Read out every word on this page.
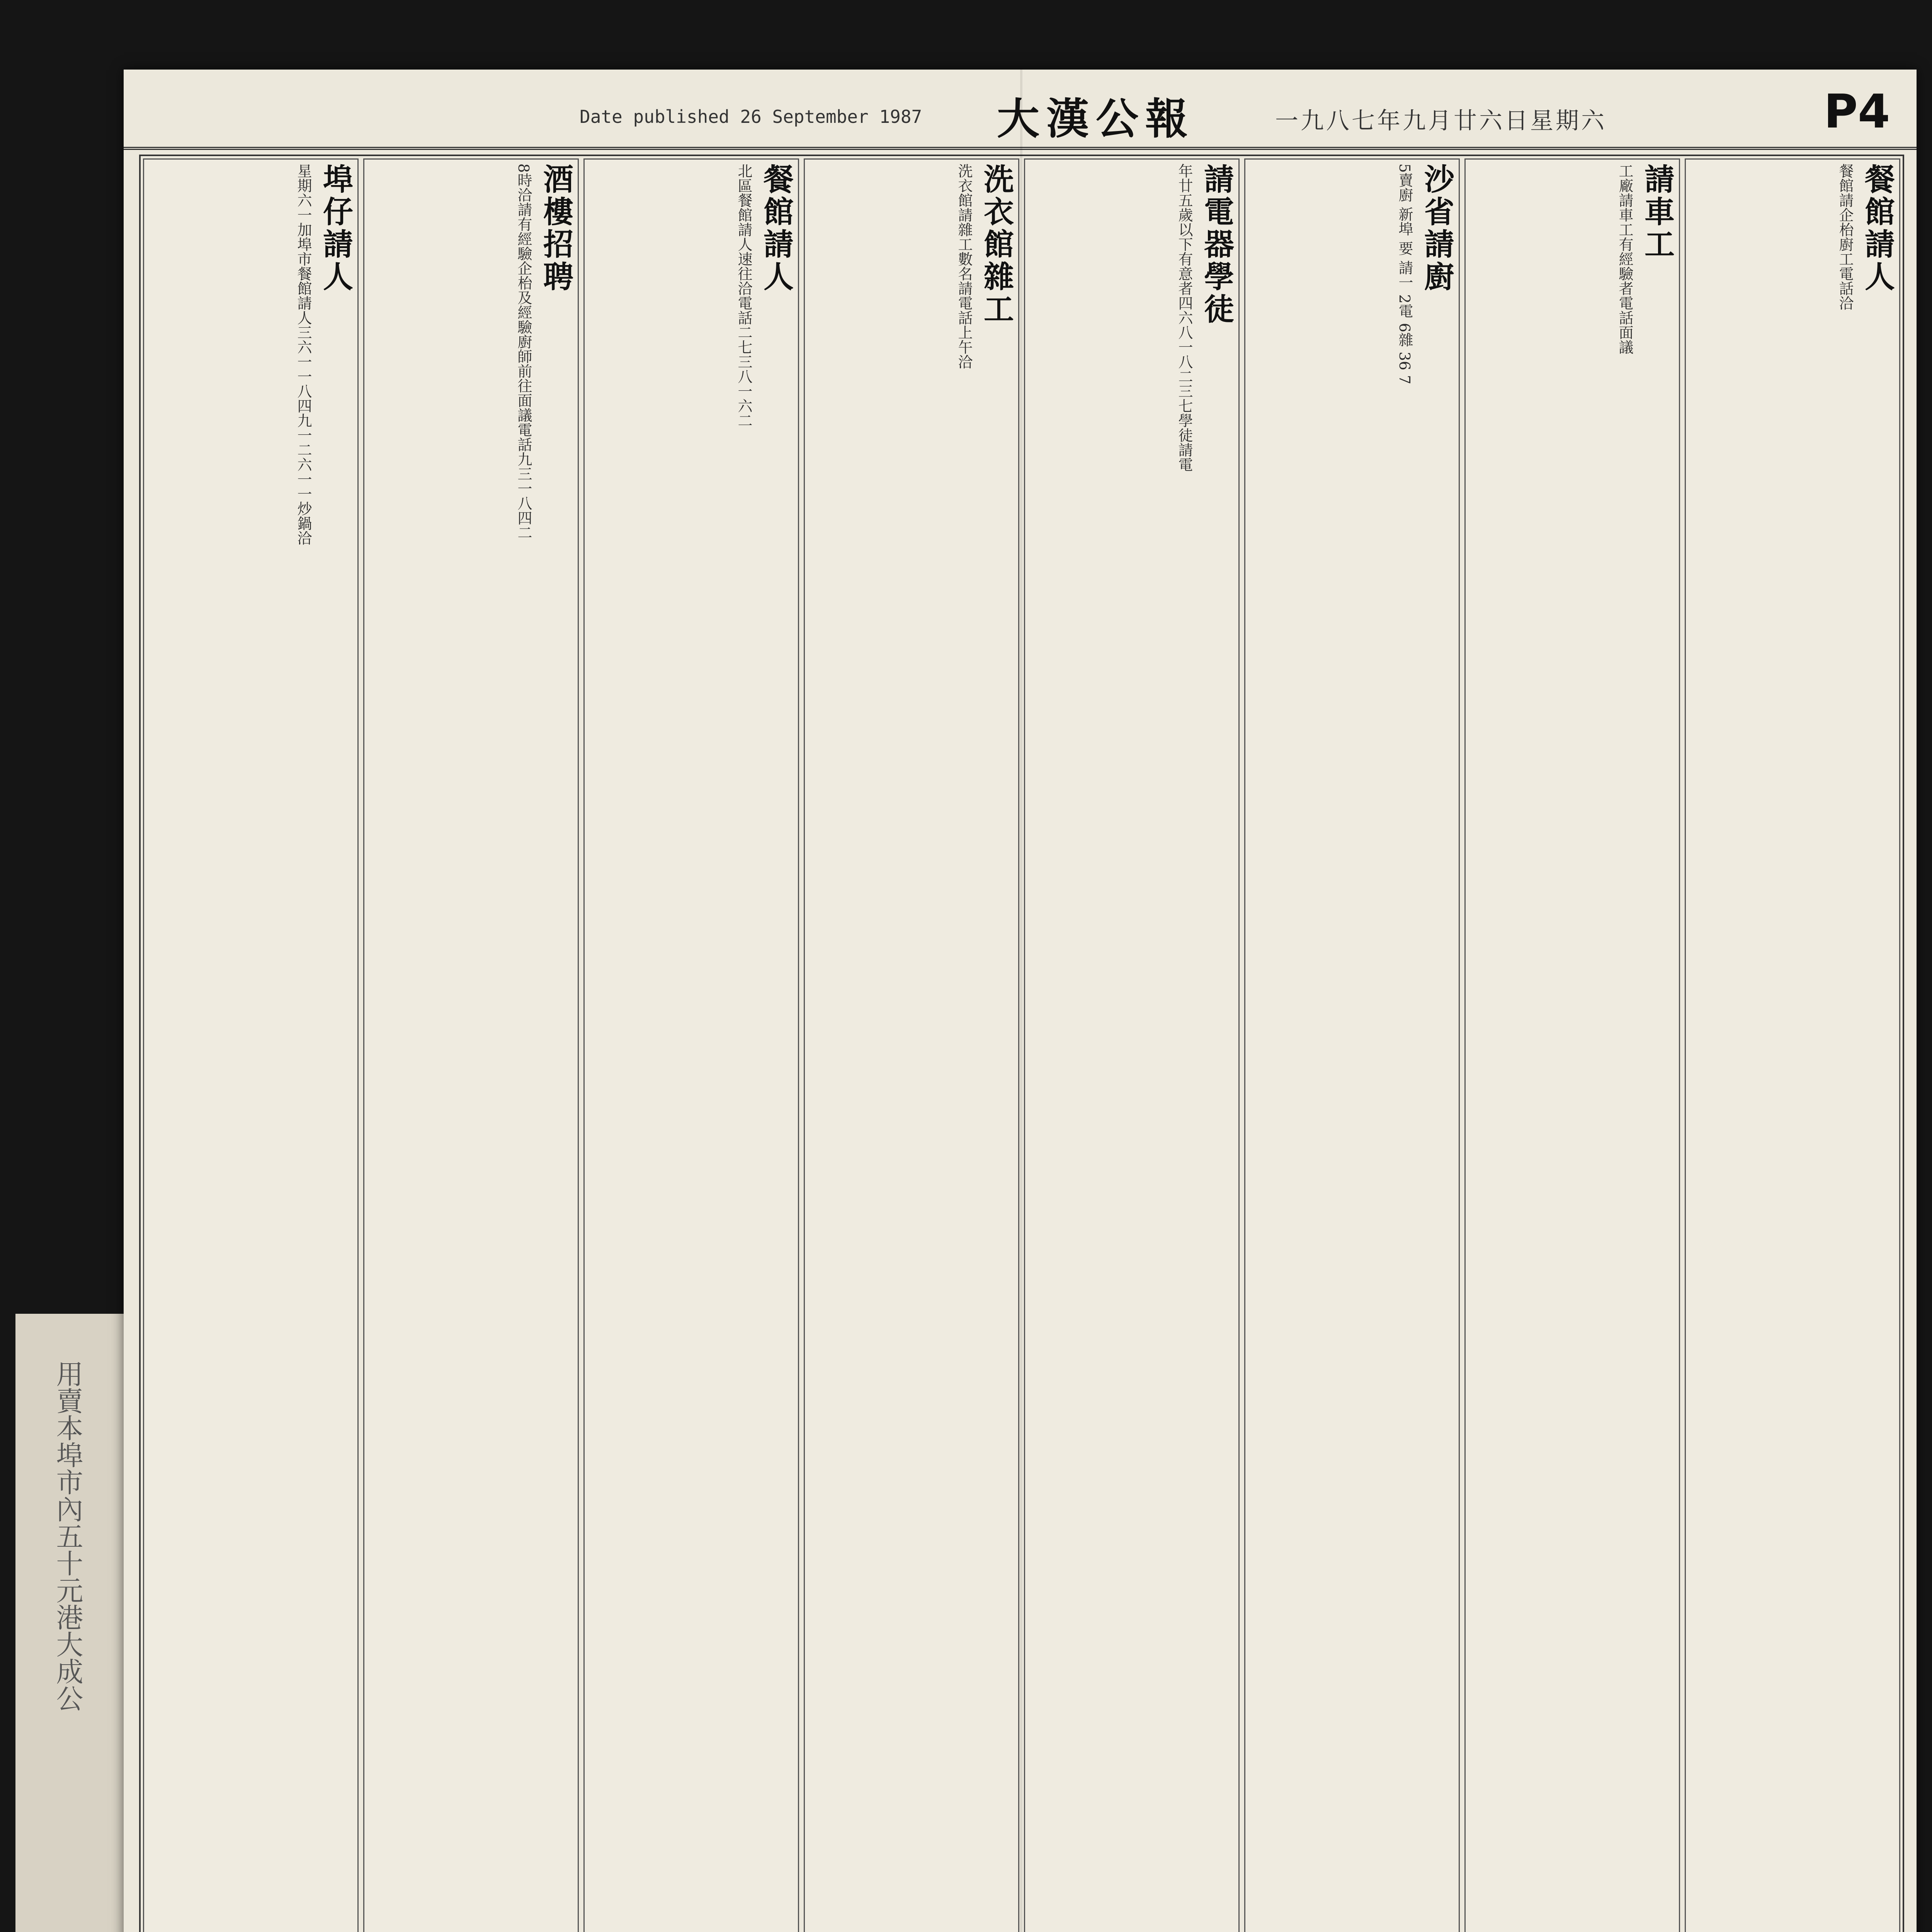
用賣本埠市內五十元港大成公
Date published 26 September 1987 大漢公報	一九八七年九月廿六日星期六	P4
埠仔請人
星期六一加埠市餐館請人三六一一八四九一二六一一炒鍋洽	酒樓招聘
8時洽請有經驗企枱及經驗廚師前往面議電話九三一八四二	餐館請人
北區餐館請人速往洽電話二七三八一六二	洗衣館雜工
洗衣館請雜工數名請電話上午洽	請電器學徒
年廿五歲以下有意者四六八一八二三七學徒請電	沙省請廚
5賣廚 新埠 要 請一 2電 6雜 36 7	請車工
工廠請車工有經驗者電話面議	餐館請人
餐館請企枱廚工電話洽
